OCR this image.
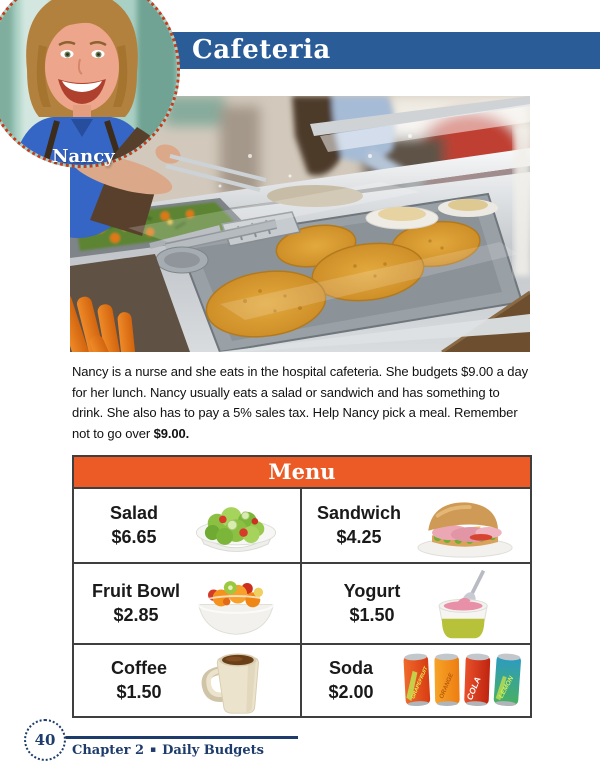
Cafeteria
Nancy

Nancy is a nurse and she eats in the hospital cafeteria. She budgets $9.00 a day for her lunch. Nancy usually eats a salad or sandwich and has something to drink. She also has to pay a 5% sales tax. Help Nancy pick a meal. Remember not to go over $9.00.

Menu
Salad
$6.65
Sandwich
$4.25
Fruit Bowl
$2.85
Yogurt
$1.50
Coffee
$1.50
Soda
$2.00	GRAPEFRUIT ORANGE COLA LEMON
40
Chapter 2 ▪ Daily Budgets
